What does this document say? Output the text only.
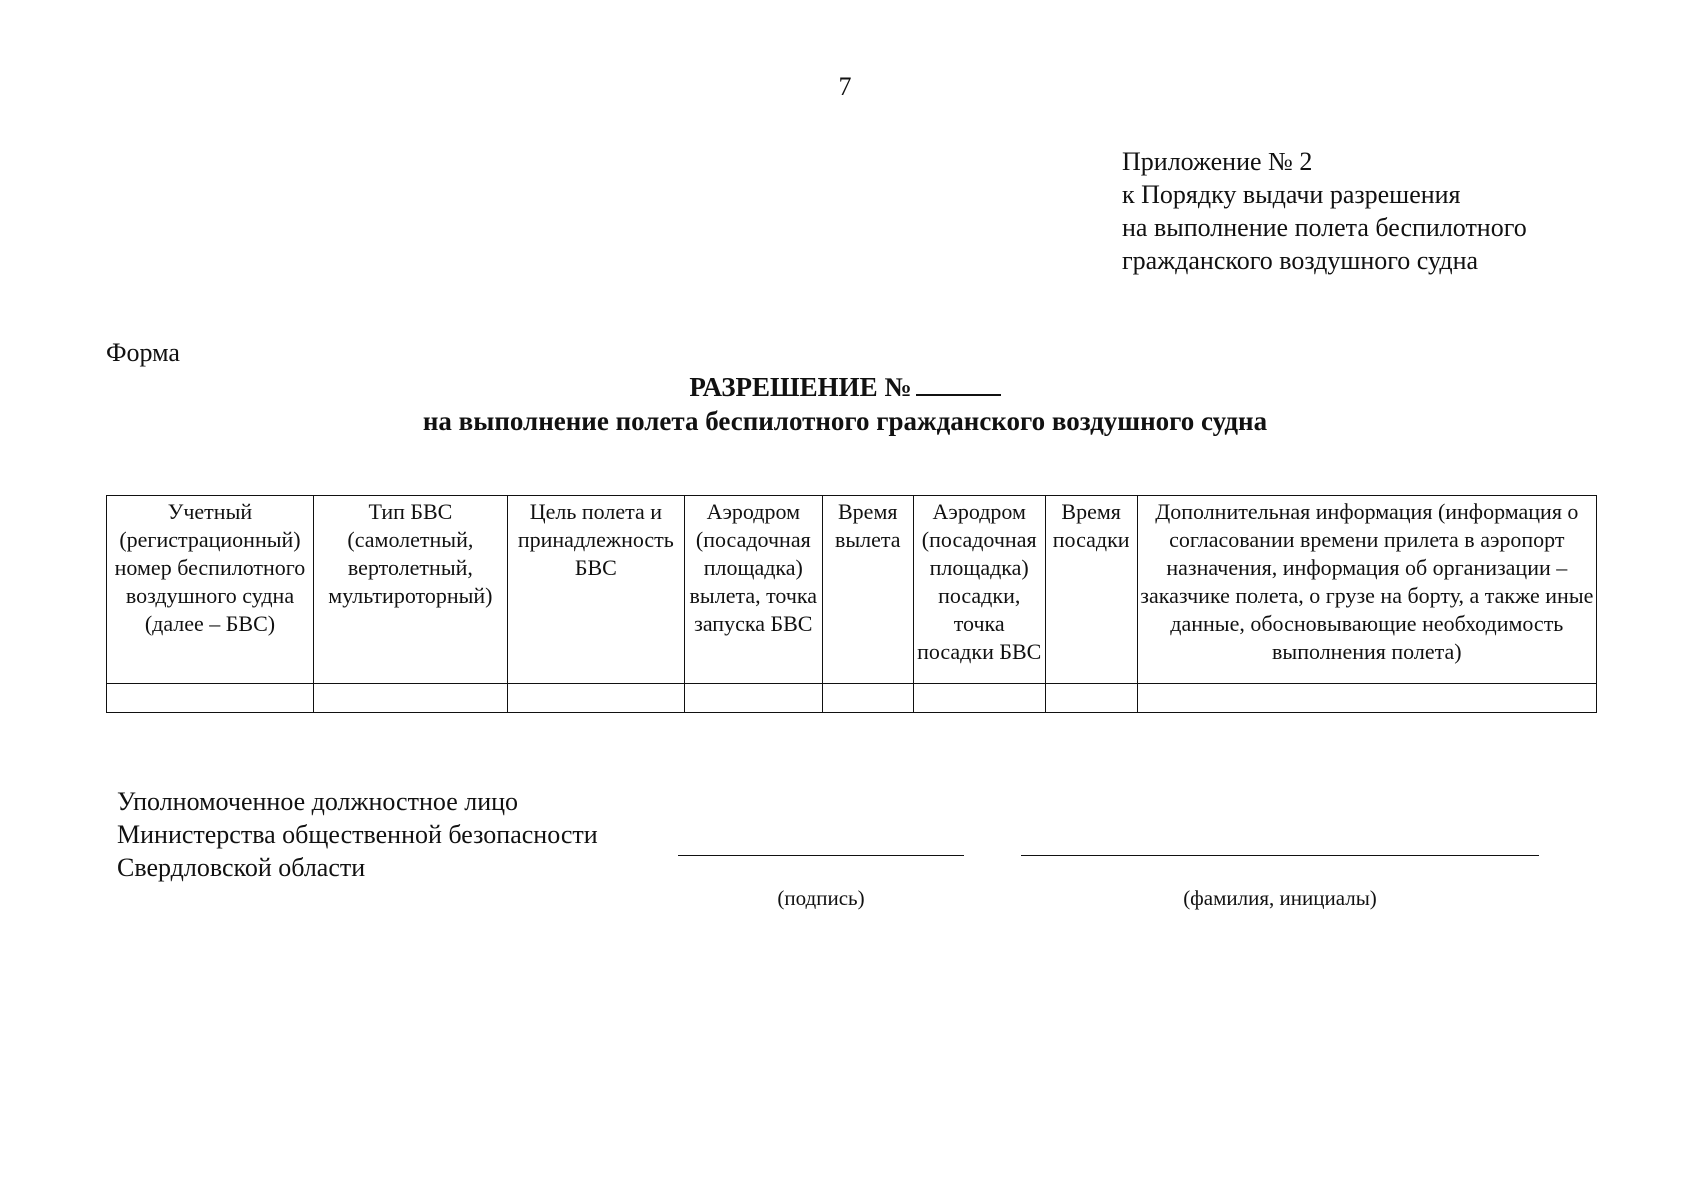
7
Приложение № 2
к Порядку выдачи разрешения
на выполнение полета беспилотного
гражданского воздушного судна
Форма
РАЗРЕШЕНИЕ №
на выполнение полета беспилотного гражданского воздушного судна
Учетный (регистрационный) номер беспилотного воздушного судна (далее – БВС)	Тип БВС (самолетный, вертолетный, мультироторный)	Цель полета и принадлежность БВС	Аэродром (посадочная площадка) вылета, точка запуска БВС	Время вылета	Аэродром (посадочная площадка) посадки, точка посадки БВС	Время посадки	Дополнительная информация (информация о согласовании времени прилета в аэропорт назначения, информация об организации – заказчике полета, о грузе на борту, а также иные данные, обосновывающие необходимость выполнения полета)

Уполномоченное должностное лицо
Министерства общественной безопасности
Свердловской области
(подпись)	(фамилия, инициалы)
